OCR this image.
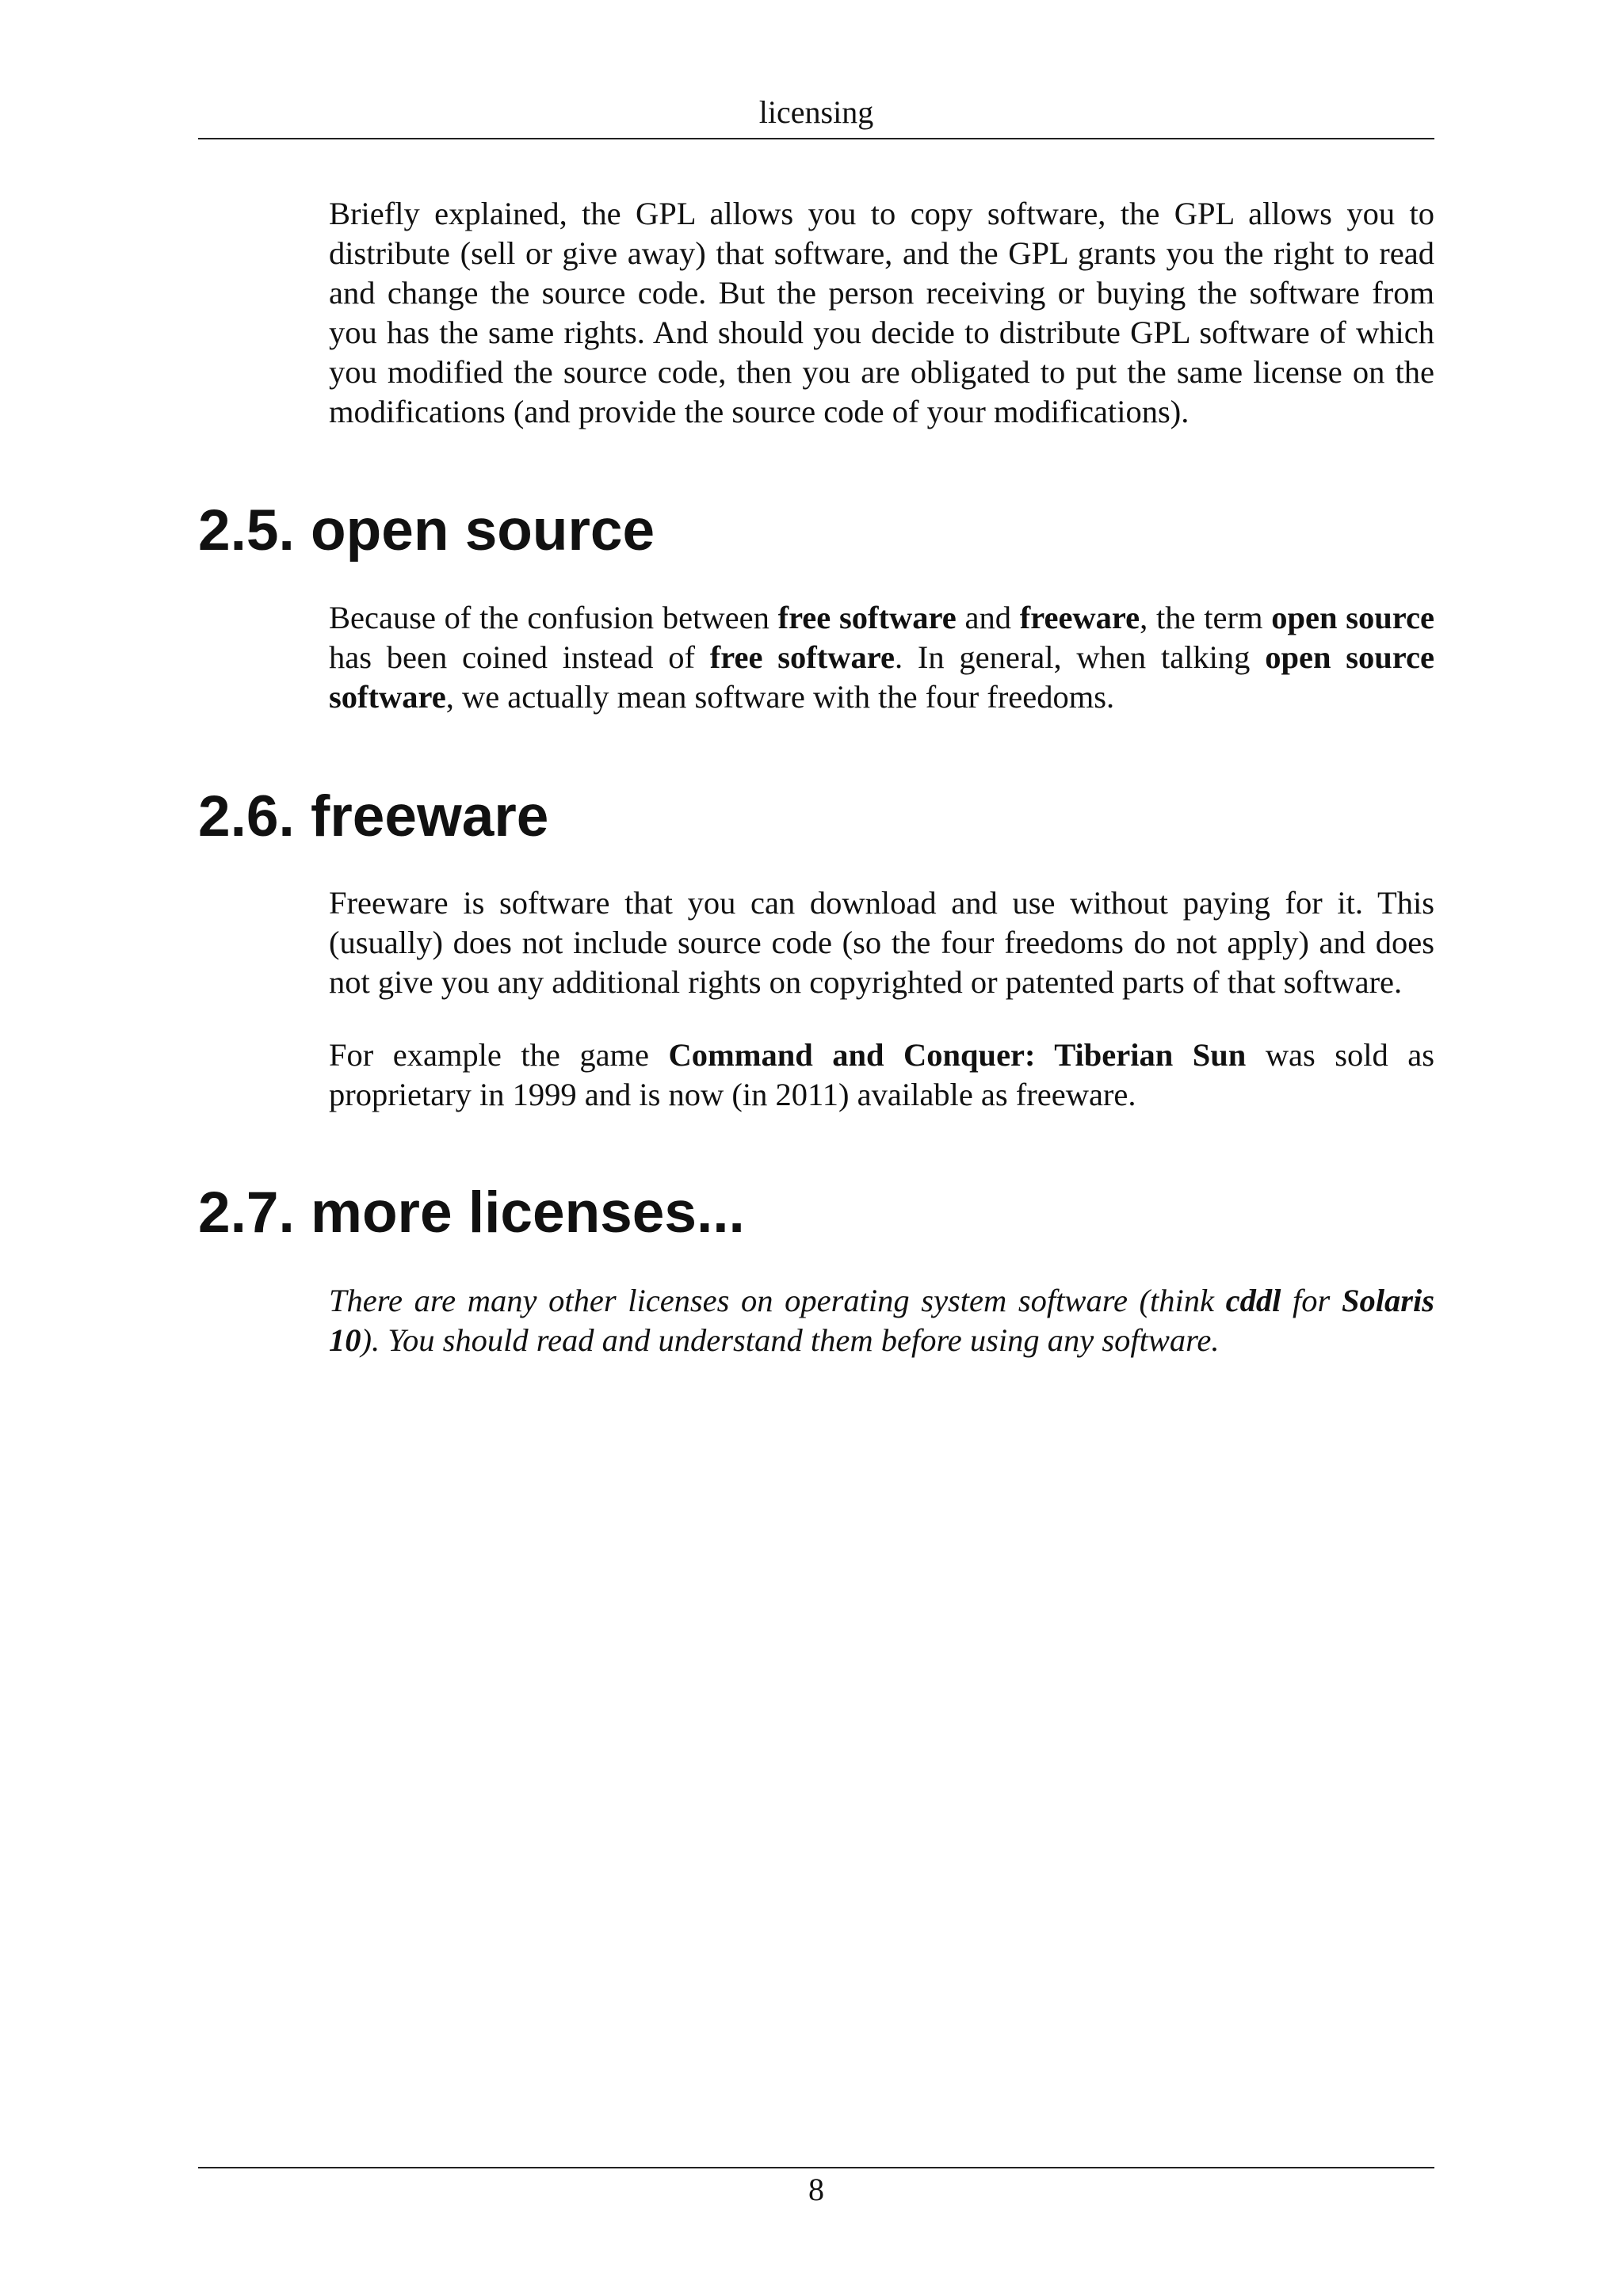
licensing

Briefly explained, the GPL allows you to copy software, the GPL allows you to distribute (sell or give away) that software, and the GPL grants you the right to read and change the source code. But the person receiving or buying the software from you has the same rights. And should you decide to distribute GPL software of which you modified the source code, then you are obligated to put the same license on the modifications (and provide the source code of your modifications).

2.5. open source

Because of the confusion between free software and freeware, the term open source has been coined instead of free software. In general, when talking open source software, we actually mean software with the four freedoms.

2.6. freeware

Freeware is software that you can download and use without paying for it. This (usually) does not include source code (so the four freedoms do not apply) and does not give you any additional rights on copyrighted or patented parts of that software.

For example the game Command and Conquer: Tiberian Sun was sold as proprietary in 1999 and is now (in 2011) available as freeware.

2.7. more licenses...

There are many other licenses on operating system software (think cddl for Solaris 10). You should read and understand them before using any software.

8
